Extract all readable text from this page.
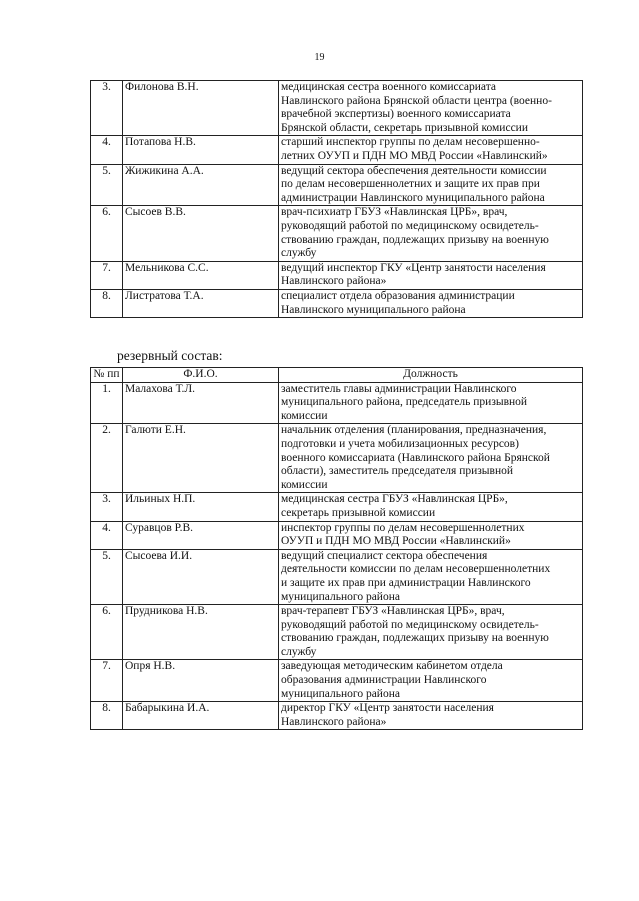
19
3.	Филонова В.Н.	медицинская сестра военного комиссариата
Навлинского района Брянской области центра (военно-
врачебной экспертизы) военного комиссариата
Брянской области, секретарь призывной комиссии

4.	Потапова Н.В.	старший инспектор группы по делам несовершенно-
летних ОУУП и ПДН МО МВД России «Навлинский»

5.	Жижикина А.А.	ведущий сектора обеспечения деятельности комиссии
по делам несовершеннолетних и защите их прав при
администрации Навлинского муниципального района

6.	Сысоев В.В.	врач-психиатр ГБУЗ «Навлинская ЦРБ», врач,
руководящий работой по медицинскому освидетель-
ствованию граждан, подлежащих призыву на военную
службу

7.	Мельникова С.С.	ведущий инспектор ГКУ «Центр занятости населения
Навлинского района»

8.	Листратова Т.А.	специалист отдела образования администрации
Навлинского муниципального района
резервный состав:
№ пп	Ф.И.О.	Должность
1.	Малахова Т.Л.	заместитель главы администрации Навлинского
муниципального района, председатель призывной
комиссии

2.	Галюти Е.Н.	начальник отделения (планирования, предназначения,
подготовки и учета мобилизационных ресурсов)
военного комиссариата (Навлинского района Брянской
области), заместитель председателя призывной
комиссии

3.	Ильиных Н.П.	медицинская сестра ГБУЗ «Навлинская ЦРБ»,
секретарь призывной комиссии

4.	Суравцов Р.В.	инспектор группы по делам несовершеннолетних
ОУУП и ПДН МО МВД России «Навлинский»

5.	Сысоева И.И.	ведущий специалист сектора обеспечения
деятельности комиссии по делам несовершеннолетних
и защите их прав при администрации Навлинского
муниципального района

6.	Прудникова Н.В.	врач-терапевт ГБУЗ «Навлинская ЦРБ», врач,
руководящий работой по медицинскому освидетель-
ствованию граждан, подлежащих призыву на военную
службу

7.	Опря Н.В.	заведующая методическим кабинетом отдела
образования администрации Навлинского
муниципального района

8.	Бабарыкина И.А.	директор ГКУ «Центр занятости населения
Навлинского района»
